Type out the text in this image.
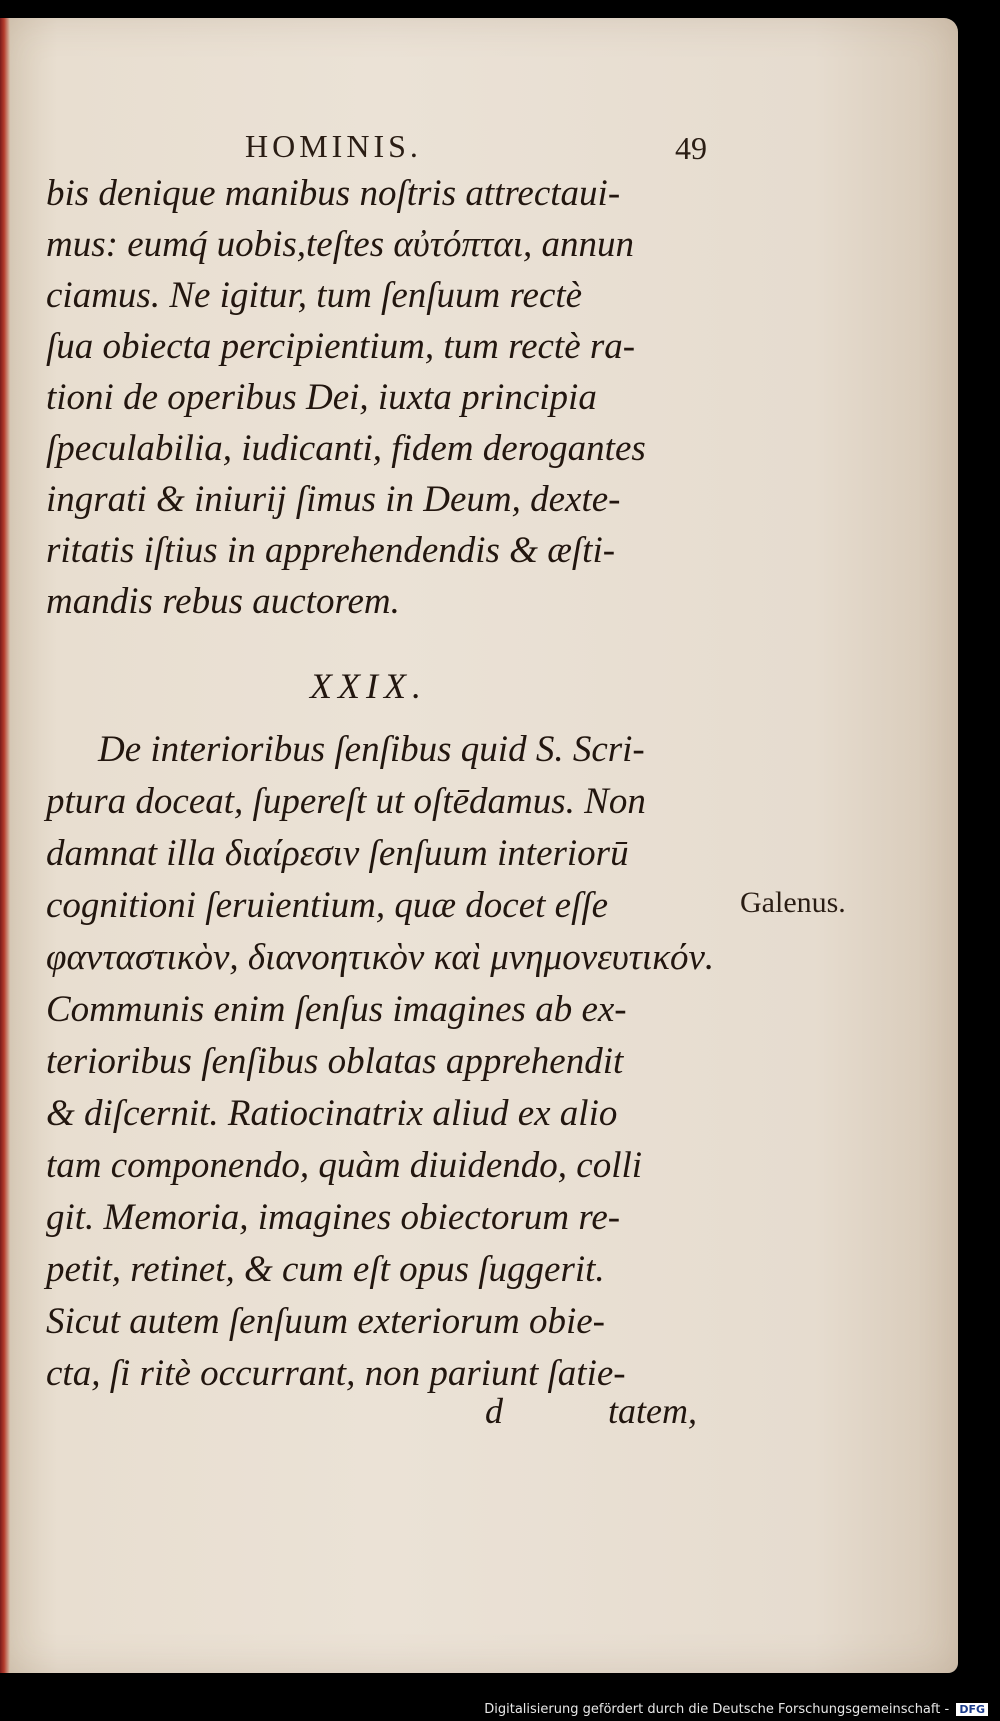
HOMINIS.	49
bis denique manibus noſtris attrectaui-
mus: eumq́ uobis,teſtes αὐτόπται, annun
ciamus. Ne igitur, tum ſenſuum rectè
ſua obiecta percipientium, tum rectè ra-
tioni de operibus Dei, iuxta principia
ſpeculabilia, iudicanti, fidem derogantes
ingrati & iniurij ſimus in Deum, dexte-
ritatis iſtius in apprehendendis & æſti-
mandis rebus auctorem.
XXIX.
De interioribus ſenſibus quid S. Scri-
ptura doceat, ſupereſt ut oſtēdamus. Non
damnat illa διαίρεσιν ſenſuum interiorū
cognitioni ſeruientium, quæ docet eſſe
φανταστικὸν, διανοητικὸν καὶ μνημονευτικόν.
Communis enim ſenſus imagines ab ex-
terioribus ſenſibus oblatas apprehendit
& diſcernit. Ratiocinatrix aliud ex alio
tam componendo, quàm diuidendo, colli
git. Memoria, imagines obiectorum re-
petit, retinet, & cum eſt opus ſuggerit.
Sicut autem ſenſuum exteriorum obie-
cta, ſi ritè occurrant, non pariunt ſatie-
Galenus.
d	tatem,
Digitalisierung gefördert durch die Deutsche Forschungsgemeinschaft - DFG
